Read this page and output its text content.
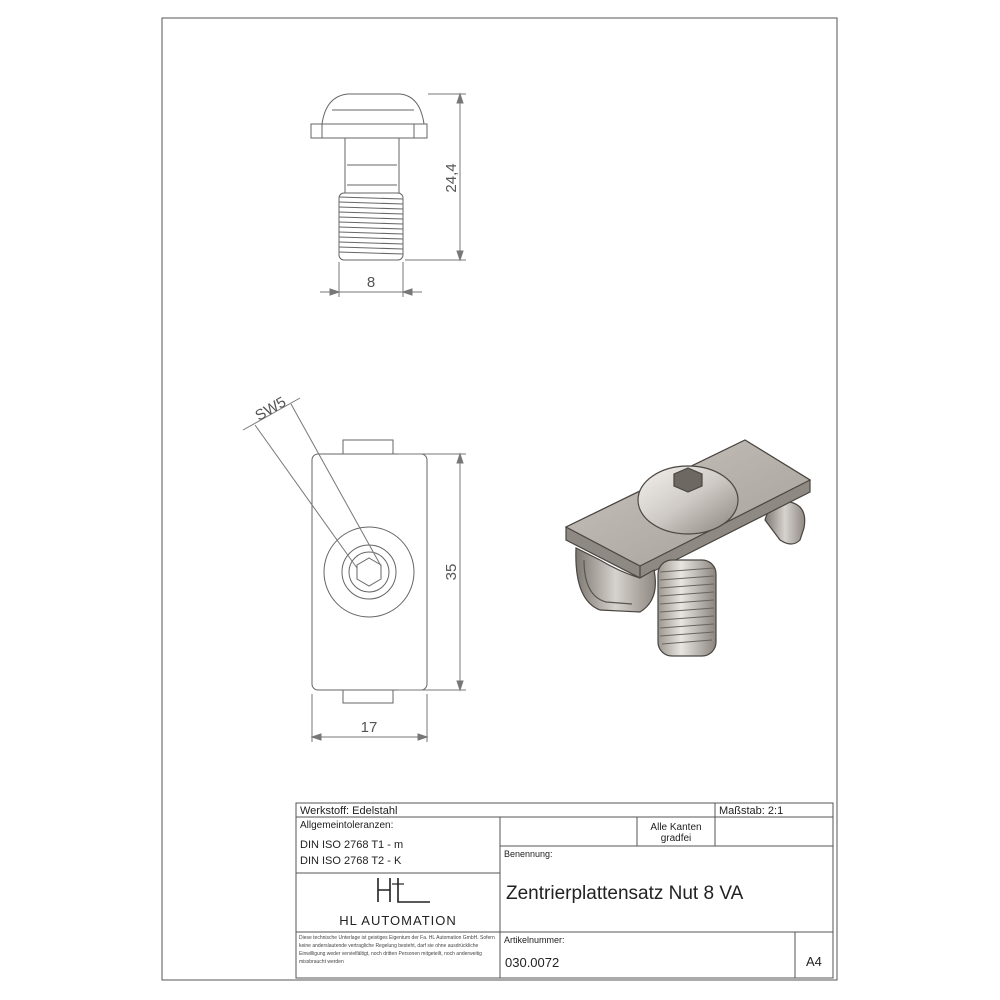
24,4
8
SW5
35
17
Werkstoff: Edelstahl	Maßstab: 2:1
Allgemeintoleranzen:
DIN ISO 2768 T1 - m
DIN ISO 2768 T2 - K
Alle Kanten
gradfei
Benennung:
Zentrierplattensatz Nut 8 VA
HL AUTOMATION
Diese technische Unterlage ist geistiges Eigentum der Fa. HL Automation GmbH. Sofern
keine anderslautende vertragliche Regelung besteht, darf sie ohne ausdrückliche
Einwilligung weder vervielfältigt, noch dritten Personen mitgeteilt, noch anderweitig
missbraucht werden
Artikelnummer:
030.0072	A4
